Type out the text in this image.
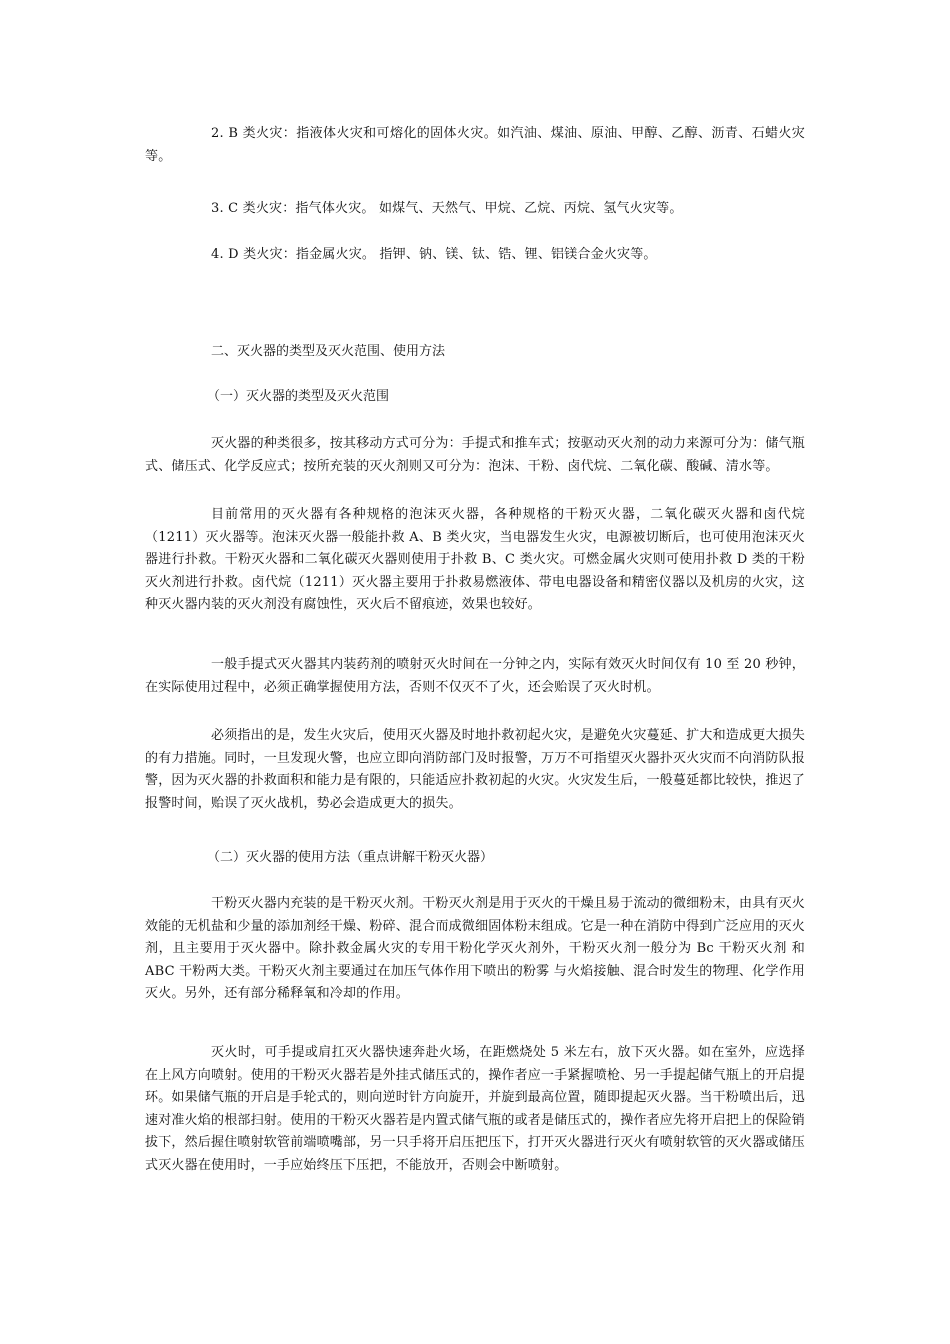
2. B 类火灾：指液体火灾和可熔化的固体火灾。如汽油、煤油、原油、甲醇、乙醇、沥青、石蜡火灾等。

3. C 类火灾：指气体火灾。 如煤气、天然气、甲烷、乙烷、丙烷、氢气火灾等。

4. D 类火灾：指金属火灾。 指钾、钠、镁、钛、锆、锂、铝镁合金火灾等。

二、灭火器的类型及灭火范围、使用方法

（一）灭火器的类型及灭火范围

灭火器的种类很多，按其移动方式可分为：手提式和推车式；按驱动灭火剂的动力来源可分为：储气瓶式、储压式、化学反应式；按所充装的灭火剂则又可分为：泡沫、干粉、卤代烷、二氧化碳、酸碱、清水等。

目前常用的灭火器有各种规格的泡沫灭火器，各种规格的干粉灭火器，二氧化碳灭火器和卤代烷（1211）灭火器等。泡沫灭火器一般能扑救 A、B 类火灾，当电器发生火灾，电源被切断后，也可使用泡沫灭火器进行扑救。干粉灭火器和二氧化碳灭火器则使用于扑救 B、C 类火灾。可燃金属火灾则可使用扑救 D 类的干粉灭火剂进行扑救。卤代烷（1211）灭火器主要用于扑救易燃液体、带电电器设备和精密仪器以及机房的火灾，这种灭火器内装的灭火剂没有腐蚀性，灭火后不留痕迹，效果也较好。

一般手提式灭火器其内装药剂的喷射灭火时间在一分钟之内，实际有效灭火时间仅有 10 至 20 秒钟，在实际使用过程中，必须正确掌握使用方法，否则不仅灭不了火，还会贻误了灭火时机。

必须指出的是，发生火灾后，使用灭火器及时地扑救初起火灾，是避免火灾蔓延、扩大和造成更大损失的有力措施。同时，一旦发现火警，也应立即向消防部门及时报警，万万不可指望灭火器扑灭火灾而不向消防队报警，因为灭火器的扑救面积和能力是有限的，只能适应扑救初起的火灾。火灾发生后，一般蔓延都比较快，推迟了报警时间，贻误了灭火战机，势必会造成更大的损失。

（二）灭火器的使用方法（重点讲解干粉灭火器）

干粉灭火器内充装的是干粉灭火剂。干粉灭火剂是用于灭火的干燥且易于流动的微细粉末，由具有灭火效能的无机盐和少量的添加剂经干燥、粉碎、混合而成微细固体粉末组成。它是一种在消防中得到广泛应用的灭火剂，且主要用于灭火器中。除扑救金属火灾的专用干粉化学灭火剂外，干粉灭火剂一般分为 Bc 干粉灭火剂 和 ABC 干粉两大类。干粉灭火剂主要通过在加压气体作用下喷出的粉雾 与火焰接触、混合时发生的物理、化学作用灭火。另外，还有部分稀释氧和冷却的作用。

灭火时，可手提或肩扛灭火器快速奔赴火场，在距燃烧处 5 米左右，放下灭火器。如在室外，应选择在上风方向喷射。使用的干粉灭火器若是外挂式储压式的，操作者应一手紧握喷枪、另一手提起储气瓶上的开启提环。如果储气瓶的开启是手轮式的，则向逆时针方向旋开，并旋到最高位置，随即提起灭火器。当干粉喷出后，迅速对准火焰的根部扫射。使用的干粉灭火器若是内置式储气瓶的或者是储压式的，操作者应先将开启把上的保险销拔下，然后握住喷射软管前端喷嘴部，另一只手将开启压把压下，打开灭火器进行灭火有喷射软管的灭火器或储压式灭火器在使用时，一手应始终压下压把，不能放开，否则会中断喷射。
